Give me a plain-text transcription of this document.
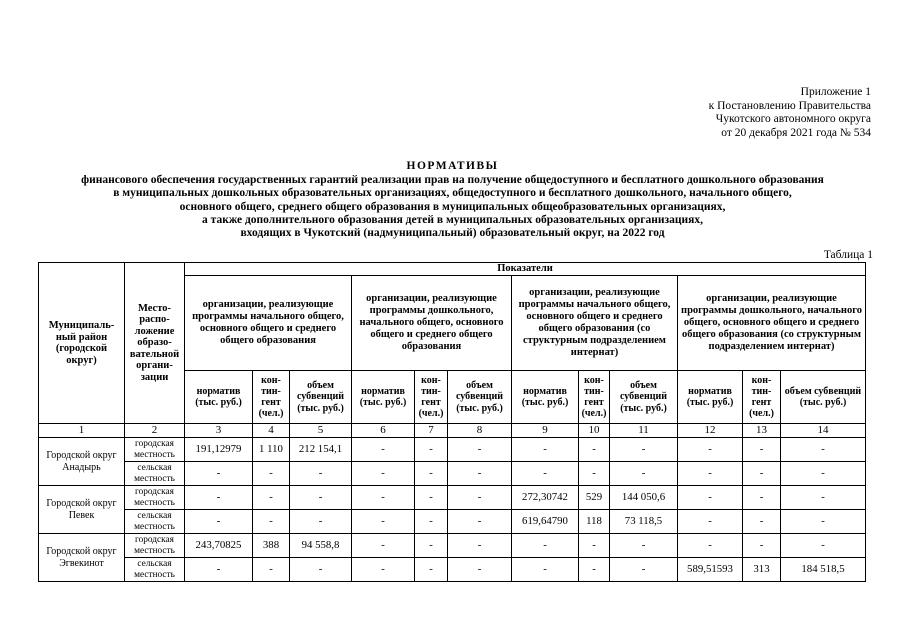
Приложение 1
к Постановлению Правительства
Чукотского автономного округа
от 20 декабря 2021 года № 534
НОРМАТИВЫ
финансового обеспечения государственных гарантий реализации прав на получение общедоступного и бесплатного дошкольного образования
в муниципальных дошкольных образовательных организациях, общедоступного и бесплатного дошкольного, начального общего,
основного общего, среднего общего образования в муниципальных общеобразовательных организациях,
а также дополнительного образования детей в муниципальных образовательных организациях,
входящих в Чукотский (надмуниципальный) образовательный округ, на 2022 год
Таблица 1
Муниципаль-ный район (городской округ)	Место-распо-ложение образо-вательной органи-зации	Показатели											
		организации, реализующие программы начального общего, основного общего и среднего общего образования			организации, реализующие программы дошкольного, начального общего, основного общего и среднего общего образования			организации, реализующие программы начального общего, основного общего и среднего общего образования (со структурным подразделением интернат)			организации, реализующие программы дошкольного, начального общего, основного общего и среднего общего образования (со структурным подразделением интернат)		
		норматив (тыс. руб.)	кон-тин-гент (чел.)	объем субвенций (тыс. руб.)	норматив (тыс. руб.)	кон-тин-гент (чел.)	объем субвенций (тыс. руб.)	норматив (тыс. руб.)	кон-тин-гент (чел.)	объем субвенций (тыс. руб.)	норматив (тыс. руб.)	кон-тин-гент (чел.)	объем субвенций (тыс. руб.)
1	2	3	4	5	6	7	8	9	10	11	12	13	14
Городской округ Анадырь	городская местность	191,12979	1 110	212 154,1	-	-	-	-	-	-	-	-	-
	сельская местность	-	-	-	-	-	-	-	-	-	-	-	-
Городской округ Певек	городская местность	-	-	-	-	-	-	272,30742	529	144 050,6	-	-	-
	сельская местность	-	-	-	-	-	-	619,64790	118	73 118,5	-	-	-
Городской округ Эгвекинот	городская местность	243,70825	388	94 558,8	-	-	-	-	-	-	-	-	-
	сельская местность	-	-	-	-	-	-	-	-	-	589,51593	313	184 518,5
